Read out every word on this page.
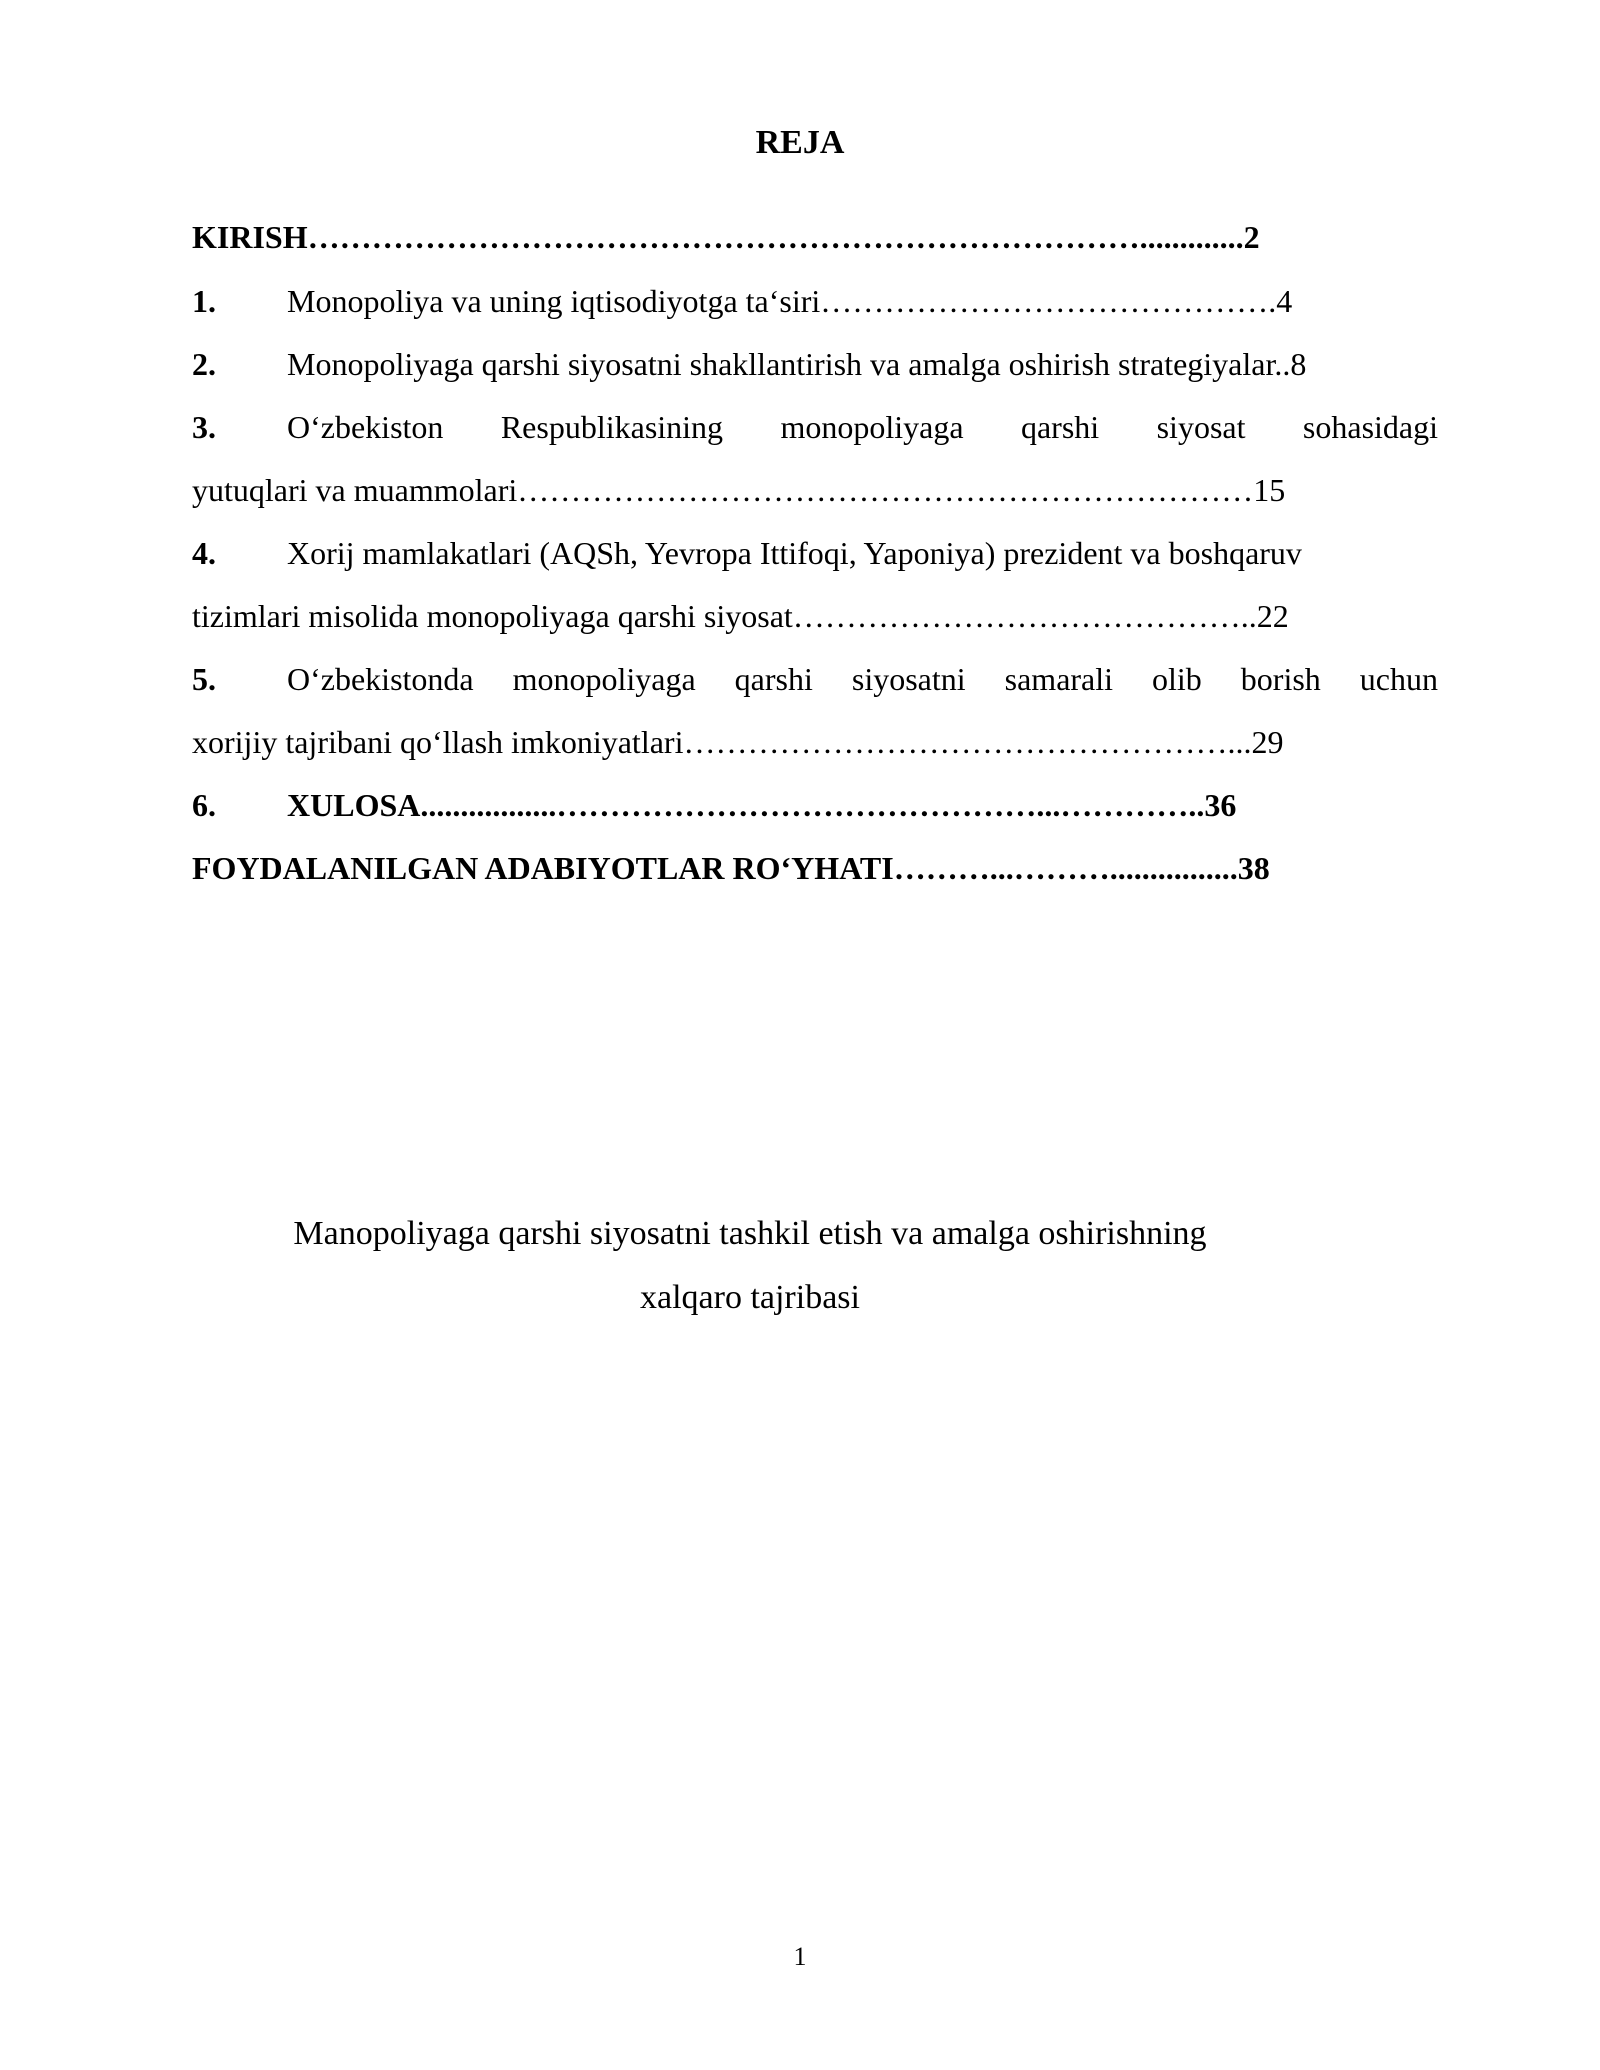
REJA
KIRISH…………………………………………………………………….............2
1. Monopoliya va uning iqtisodiyotga ta‘siri…………………………………….4
2. Monopoliyaga qarshi siyosatni shakllantirish va amalga oshirish strategiyalar..8
3. O‘zbekiston Respublikasining monopoliyaga qarshi siyosat sohasidagi
yutuqlari va muammolari……………………………………………………………15
4. Xorij mamlakatlari (AQSh, Yevropa Ittifoqi, Yaponiya) prezident va boshqaruv
tizimlari misolida monopoliyaga qarshi siyosat……………………………………..22
5. O‘zbekistonda monopoliyaga qarshi siyosatni samarali olib borish uchun
xorijiy tajribani qo‘llash imkoniyatlari……………………………………………...29
6. XULOSA.................………………………………………...…………..36
FOYDALANILGAN ADABIYOTLAR RO‘YHATI………...………................38
Manopoliyaga qarshi siyosatni tashkil etish va amalga oshirishning
xalqaro tajribasi
1
